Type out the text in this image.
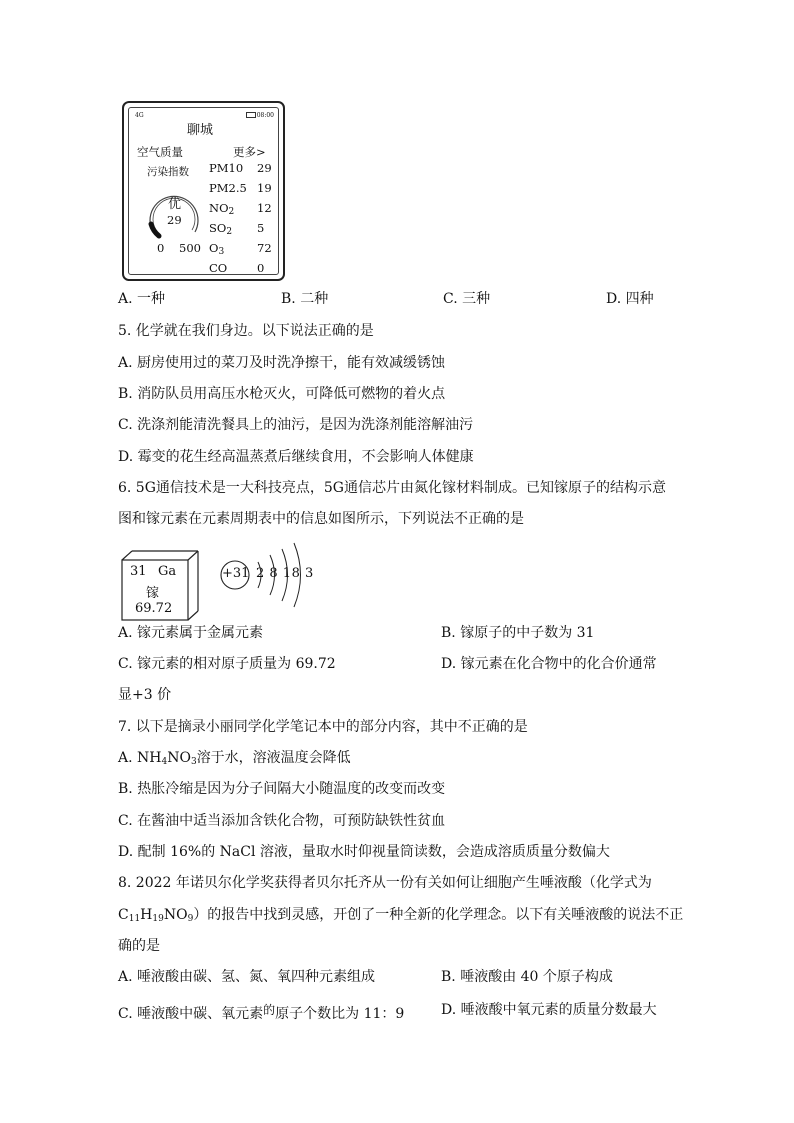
4G	08:00
聊城
空气质量	更多>
污染指数
优
29
0 500
PM10 29
PM2.5 19
$NO_2$ 12
$SO_2$ 5
$O_3$	72
CO	0
A. 一种	B. 二种	C. 三种	D. 四种
5. 化学就在我们身边。以下说法正确的是
A. 厨房使用过的菜刀及时洗净擦干，能有效减缓锈蚀
B. 消防队员用高压水枪灭火，可降低可燃物的着火点
C. 洗涤剂能清洗餐具上的油污，是因为洗涤剂能溶解油污
D. 霉变的花生经高温蒸煮后继续食用，不会影响人体健康
6. 5G通信技术是一大科技亮点，5G通信芯片由氮化镓材料制成。已知镓原子的结构示意
图和镓元素在元素周期表中的信息如图所示，下列说法不正确的是
31 Ga
镓
69.72
+31 2 8 18 3
A. 镓元素属于金属元素	B. 镓原子的中子数为 31
C. 镓元素的相对原子质量为 69.72	D. 镓元素在化合物中的化合价通常
显+3 价
7. 以下是摘录小丽同学化学笔记本中的部分内容，其中不正确的是
A. $NH_4NO_3$溶于水，溶液温度会降低
B. 热胀冷缩是因为分子间隔大小随温度的改变而改变
C. 在酱油中适当添加含铁化合物，可预防缺铁性贫血
D. 配制 16%的 NaCl 溶液，量取水时仰视量筒读数，会造成溶质质量分数偏大
8. 2022 年诺贝尔化学奖获得者贝尔托齐从一份有关如何让细胞产生唾液酸（化学式为
$C_{11}H_{19}NO_9$）的报告中找到灵感，开创了一种全新的化学理念。以下有关唾液酸的说法不正
确的是
A. 唾液酸由碳、氢、氮、氧四种元素组成	B. 唾液酸由 40 个原子构成
C. 唾液酸中碳、氧元素的原子个数比为 11：9	D. 唾液酸中氧元素的质量分数最大
